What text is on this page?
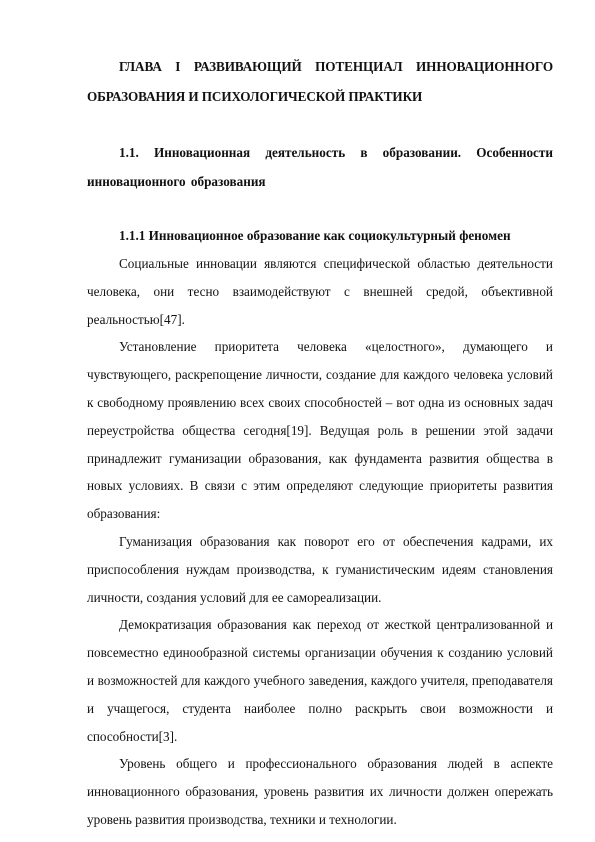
ГЛАВА I РАЗВИВАЮЩИЙ ПОТЕНЦИАЛ ИННОВАЦИОННОГО ОБРАЗОВАНИЯ И ПСИХОЛОГИЧЕСКОЙ ПРАКТИКИ

1.1. Инновационная деятельность в образовании. Особенности инновационного образования

1.1.1 Инновационное образование как социокультурный феномен

Социальные инновации являются специфической областью деятельности человека, они тесно взаимодействуют с внешней средой, объективной реальностью[47].

Установление приоритета человека «целостного», думающего и чувствующего, раскрепощение личности, создание для каждого человека условий к свободному проявлению всех своих способностей – вот одна из основных задач переустройства общества сегодня[19]. Ведущая роль в решении этой задачи принадлежит гуманизации образования, как фундамента развития общества в новых условиях. В связи с этим определяют следующие приоритеты развития образования:

Гуманизация образования как поворот его от обеспечения кадрами, их приспособления нуждам производства, к гуманистическим идеям становления личности, создания условий для ее самореализации.

Демократизация образования как переход от жесткой централизованной и повсеместно единообразной системы организации обучения к созданию условий и возможностей для каждого учебного заведения, каждого учителя, преподавателя и учащегося, студента наиболее полно раскрыть свои возможности и способности[3].

Уровень общего и профессионального образования людей в аспекте инновационного образования, уровень развития их личности должен опережать уровень развития производства, техники и технологии.
